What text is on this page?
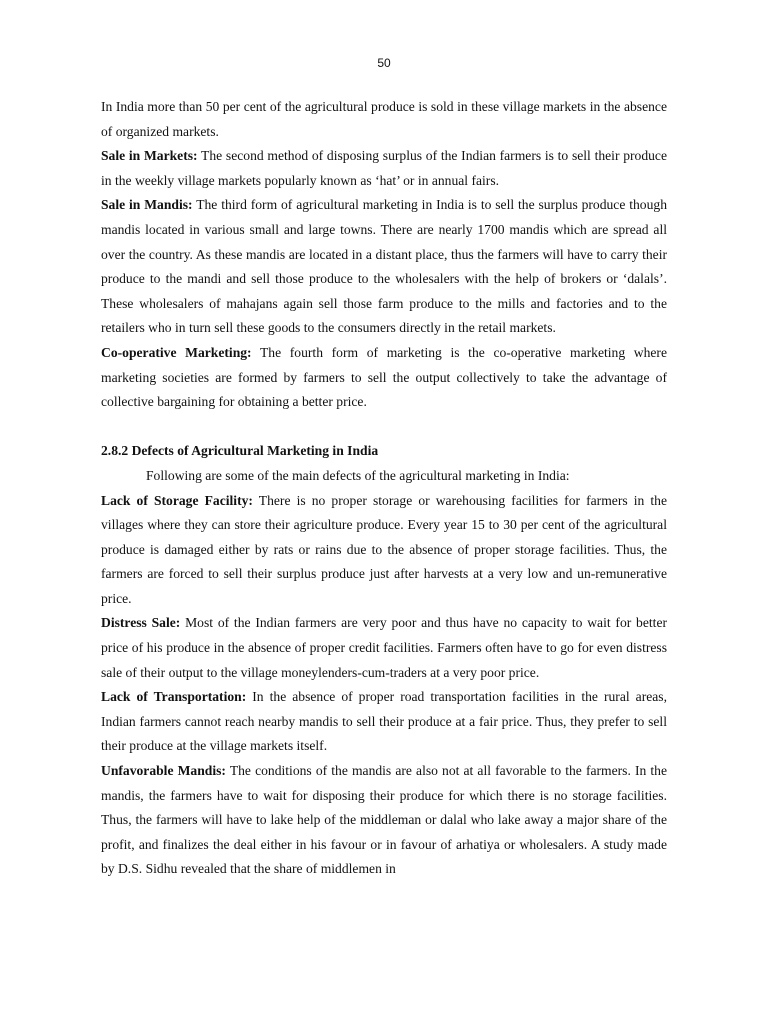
50

In India more than 50 per cent of the agricultural produce is sold in these village markets in the absence of organized markets.

Sale in Markets: The second method of disposing surplus of the Indian farmers is to sell their produce in the weekly village markets popularly known as ‘hat’ or in annual fairs.

Sale in Mandis: The third form of agricultural marketing in India is to sell the surplus produce though mandis located in various small and large towns. There are nearly 1700 mandis which are spread all over the country. As these mandis are located in a distant place, thus the farmers will have to carry their produce to the mandi and sell those produce to the wholesalers with the help of brokers or ‘dalals’. These wholesalers of mahajans again sell those farm produce to the mills and factories and to the retailers who in turn sell these goods to the consumers directly in the retail markets.

Co-operative Marketing: The fourth form of marketing is the co-operative marketing where marketing societies are formed by farmers to sell the output collectively to take the advantage of collective bargaining for obtaining a better price.

2.8.2 Defects of Agricultural Marketing in India

Following are some of the main defects of the agricultural marketing in India:

Lack of Storage Facility: There is no proper storage or warehousing facilities for farmers in the villages where they can store their agriculture produce. Every year 15 to 30 per cent of the agricultural produce is damaged either by rats or rains due to the absence of proper storage facilities. Thus, the farmers are forced to sell their surplus produce just after harvests at a very low and un-remunerative price.

Distress Sale: Most of the Indian farmers are very poor and thus have no capacity to wait for better price of his produce in the absence of proper credit facilities. Farmers often have to go for even distress sale of their output to the village moneylenders-cum-traders at a very poor price.

Lack of Transportation: In the absence of proper road transportation facilities in the rural areas, Indian farmers cannot reach nearby mandis to sell their produce at a fair price. Thus, they prefer to sell their produce at the village markets itself.

Unfavorable Mandis: The conditions of the mandis are also not at all favorable to the farmers. In the mandis, the farmers have to wait for disposing their produce for which there is no storage facilities. Thus, the farmers will have to lake help of the middleman or dalal who lake away a major share of the profit, and finalizes the deal either in his favour or in favour of arhatiya or wholesalers. A study made by D.S. Sidhu revealed that the share of middlemen in
